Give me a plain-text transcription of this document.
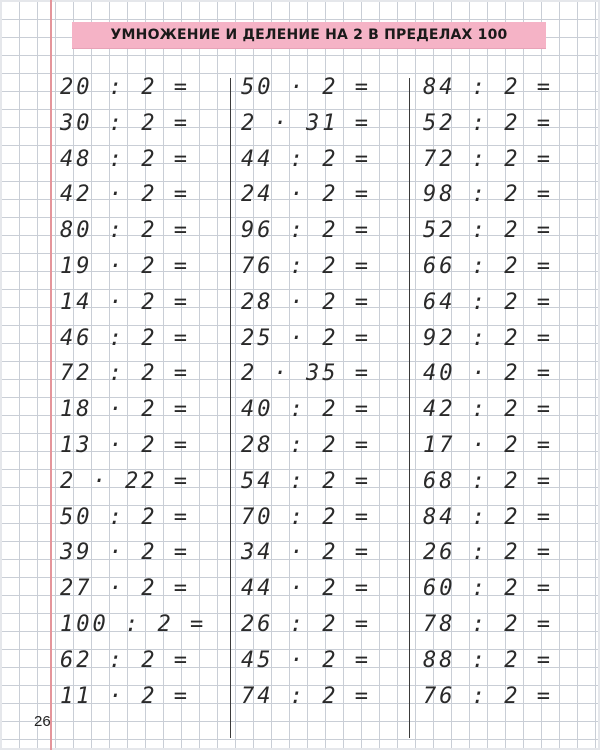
УМНОЖЕНИЕ И ДЕЛЕНИЕ НА 2 В ПРЕДЕЛАХ 100
20 : 2 =
30 : 2 =
48 : 2 =
42 · 2 =
80 : 2 =
19 · 2 =
14 · 2 =
46 : 2 =
72 : 2 =
18 · 2 =
13 · 2 =
2 · 22 =
50 : 2 =
39 · 2 =
27 · 2 =
100 : 2 =
62 : 2 =
11 · 2 =
50 · 2 =
2 · 31 =
44 : 2 =
24 · 2 =
96 : 2 =
76 : 2 =
28 · 2 =
25 · 2 =
2 · 35 =
40 : 2 =
28 : 2 =
54 : 2 =
70 : 2 =
34 · 2 =
44 · 2 =
26 : 2 =
45 · 2 =
74 : 2 =
84 : 2 =
52 : 2 =
72 : 2 =
98 : 2 =
52 : 2 =
66 : 2 =
64 : 2 =
92 : 2 =
40 · 2 =
42 : 2 =
17 · 2 =
68 : 2 =
84 : 2 =
26 : 2 =
60 : 2 =
78 : 2 =
88 : 2 =
76 : 2 =
26
